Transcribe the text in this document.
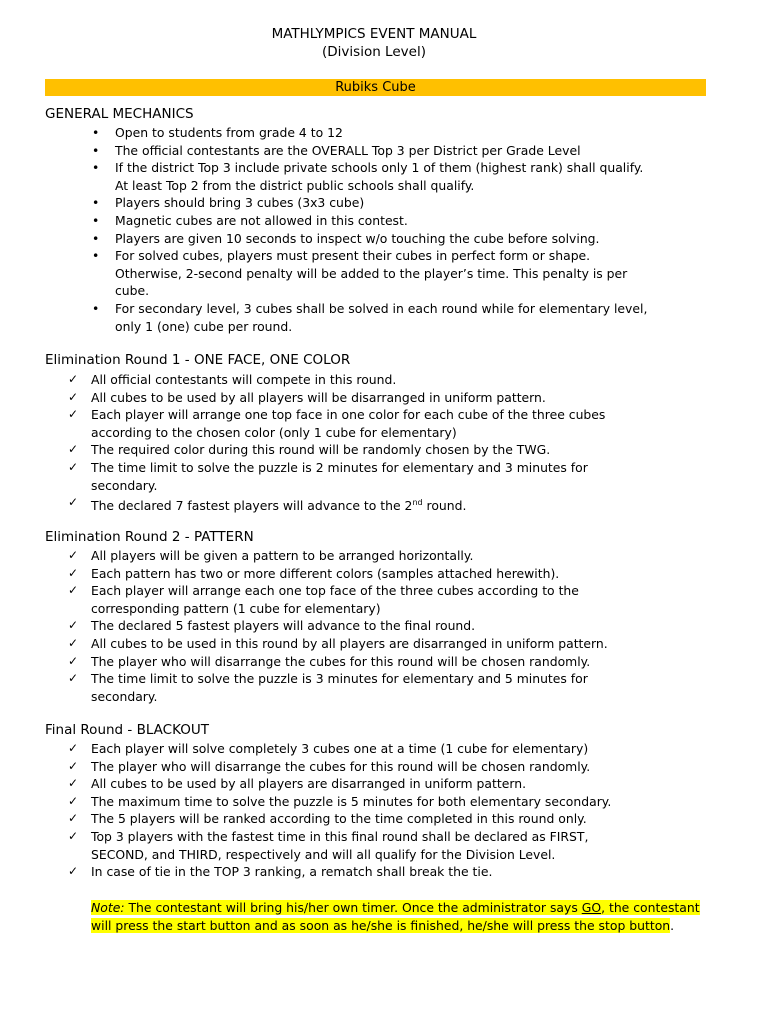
MATHLYMPICS EVENT MANUAL
(Division Level)
Rubiks Cube
GENERAL MECHANICS
• Open to students from grade 4 to 12
• The official contestants are the OVERALL Top 3 per District per Grade Level
• If the district Top 3 include private schools only 1 of them (highest rank) shall qualify.
At least Top 2 from the district public schools shall qualify.
• Players should bring 3 cubes (3x3 cube)
• Magnetic cubes are not allowed in this contest.
• Players are given 10 seconds to inspect w/o touching the cube before solving.
• For solved cubes, players must present their cubes in perfect form or shape.
Otherwise, 2-second penalty will be added to the player’s time. This penalty is per
cube.
• For secondary level, 3 cubes shall be solved in each round while for elementary level,
only 1 (one) cube per round.
Elimination Round 1 - ONE FACE, ONE COLOR
✓ All official contestants will compete in this round.
✓ All cubes to be used by all players will be disarranged in uniform pattern.
✓ Each player will arrange one top face in one color for each cube of the three cubes
according to the chosen color (only 1 cube for elementary)
✓ The required color during this round will be randomly chosen by the TWG.
✓ The time limit to solve the puzzle is 2 minutes for elementary and 3 minutes for
secondary.
✓ The declared 7 fastest players will advance to the 2nd round.
Elimination Round 2 - PATTERN
✓ All players will be given a pattern to be arranged horizontally.
✓ Each pattern has two or more different colors (samples attached herewith).
✓ Each player will arrange each one top face of the three cubes according to the
corresponding pattern (1 cube for elementary)
✓ The declared 5 fastest players will advance to the final round.
✓ All cubes to be used in this round by all players are disarranged in uniform pattern.
✓ The player who will disarrange the cubes for this round will be chosen randomly.
✓ The time limit to solve the puzzle is 3 minutes for elementary and 5 minutes for
secondary.
Final Round - BLACKOUT
✓ Each player will solve completely 3 cubes one at a time (1 cube for elementary)
✓ The player who will disarrange the cubes for this round will be chosen randomly.
✓ All cubes to be used by all players are disarranged in uniform pattern.
✓ The maximum time to solve the puzzle is 5 minutes for both elementary secondary.
✓ The 5 players will be ranked according to the time completed in this round only.
✓ Top 3 players with the fastest time in this final round shall be declared as FIRST,
SECOND, and THIRD, respectively and will all qualify for the Division Level.
✓ In case of tie in the TOP 3 ranking, a rematch shall break the tie.
Note: The contestant will bring his/her own timer. Once the administrator says GO, the contestant will press the start button and as soon as he/she is finished, he/she will press the stop button.
